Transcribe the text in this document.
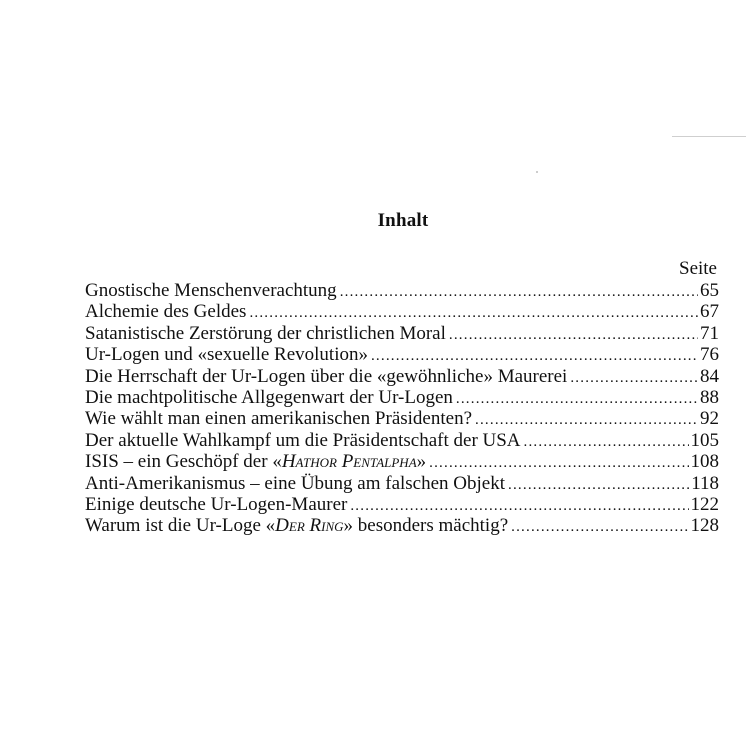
Inhalt
Seite
Gnostische Menschenverachtung .....	65
Alchemie des Geldes .....	67
Satanistische Zerstörung der christlichen Moral .....	71
Ur-Logen und «sexuelle Revolution» .....	76
Die Herrschaft der Ur-Logen über die «gewöhnliche» Maurerei .....	84
Die machtpolitische Allgegenwart der Ur-Logen .....	88
Wie wählt man einen amerikanischen Präsidenten? .....	92
Der aktuelle Wahlkampf um die Präsidentschaft der USA .....	105
ISIS – ein Geschöpf der «Hathor Pentalpha» .....	108
Anti-Amerikanismus – eine Übung am falschen Objekt .....	118
Einige deutsche Ur-Logen-Maurer .....	122
Warum ist die Ur-Loge «Der Ring» besonders mächtig? .....	128
